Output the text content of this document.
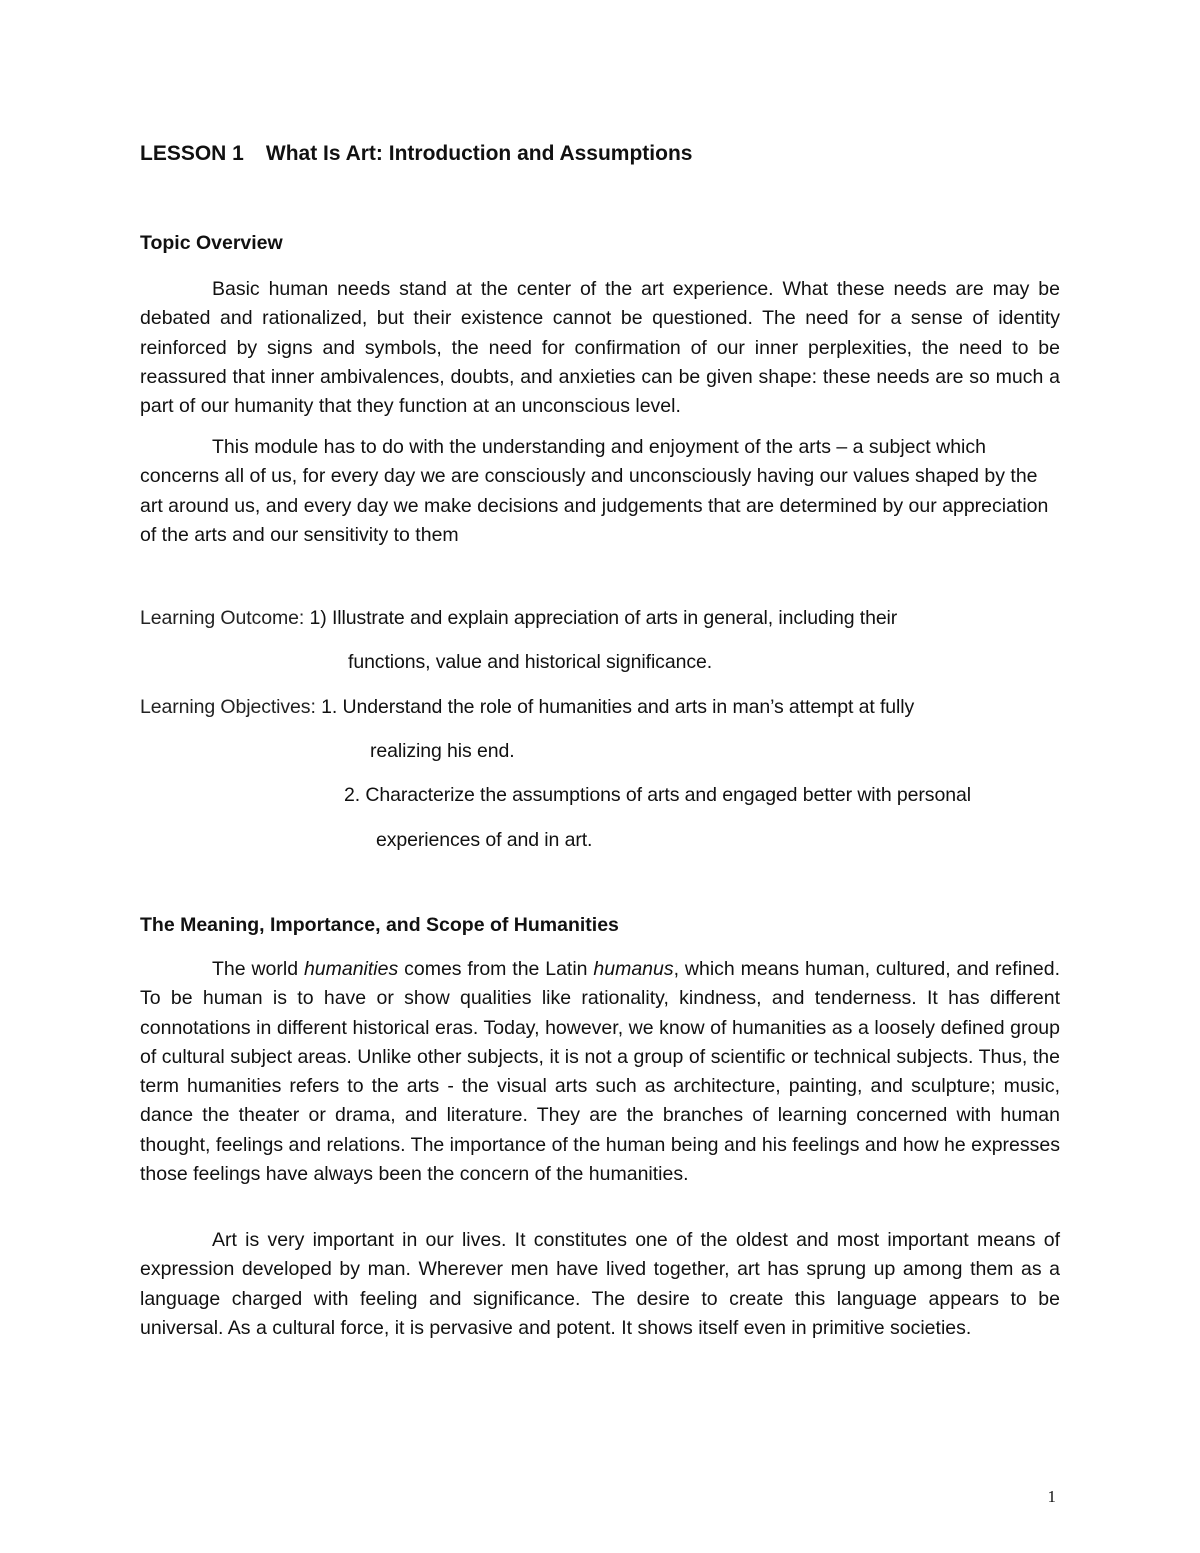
LESSON 1 What Is Art: Introduction and Assumptions
Topic Overview

Basic human needs stand at the center of the art experience. What these needs are may be debated and rationalized, but their existence cannot be questioned. The need for a sense of identity reinforced by signs and symbols, the need for confirmation of our inner perplexities, the need to be reassured that inner ambivalences, doubts, and anxieties can be given shape: these needs are so much a part of our humanity that they function at an unconscious level.

This module has to do with the understanding and enjoyment of the arts – a subject which concerns all of us, for every day we are consciously and unconsciously having our values shaped by the art around us, and every day we make decisions and judgements that are determined by our appreciation of the arts and our sensitivity to them

Learning Outcome: 1) Illustrate and explain appreciation of arts in general, including their
functions, value and historical significance.
Learning Objectives: 1. Understand the role of humanities and arts in man’s attempt at fully
realizing his end.
2. Characterize the assumptions of arts and engaged better with personal
experiences of and in art.
The Meaning, Importance, and Scope of Humanities

The world humanities comes from the Latin humanus, which means human, cultured, and refined. To be human is to have or show qualities like rationality, kindness, and tenderness. It has different connotations in different historical eras. Today, however, we know of humanities as a loosely defined group of cultural subject areas. Unlike other subjects, it is not a group of scientific or technical subjects. Thus, the term humanities refers to the arts - the visual arts such as architecture, painting, and sculpture; music, dance the theater or drama, and literature. They are the branches of learning concerned with human thought, feelings and relations. The importance of the human being and his feelings and how he expresses those feelings have always been the concern of the humanities.

Art is very important in our lives. It constitutes one of the oldest and most important means of expression developed by man. Wherever men have lived together, art has sprung up among them as a language charged with feeling and significance. The desire to create this language appears to be universal. As a cultural force, it is pervasive and potent. It shows itself even in primitive societies.

1
